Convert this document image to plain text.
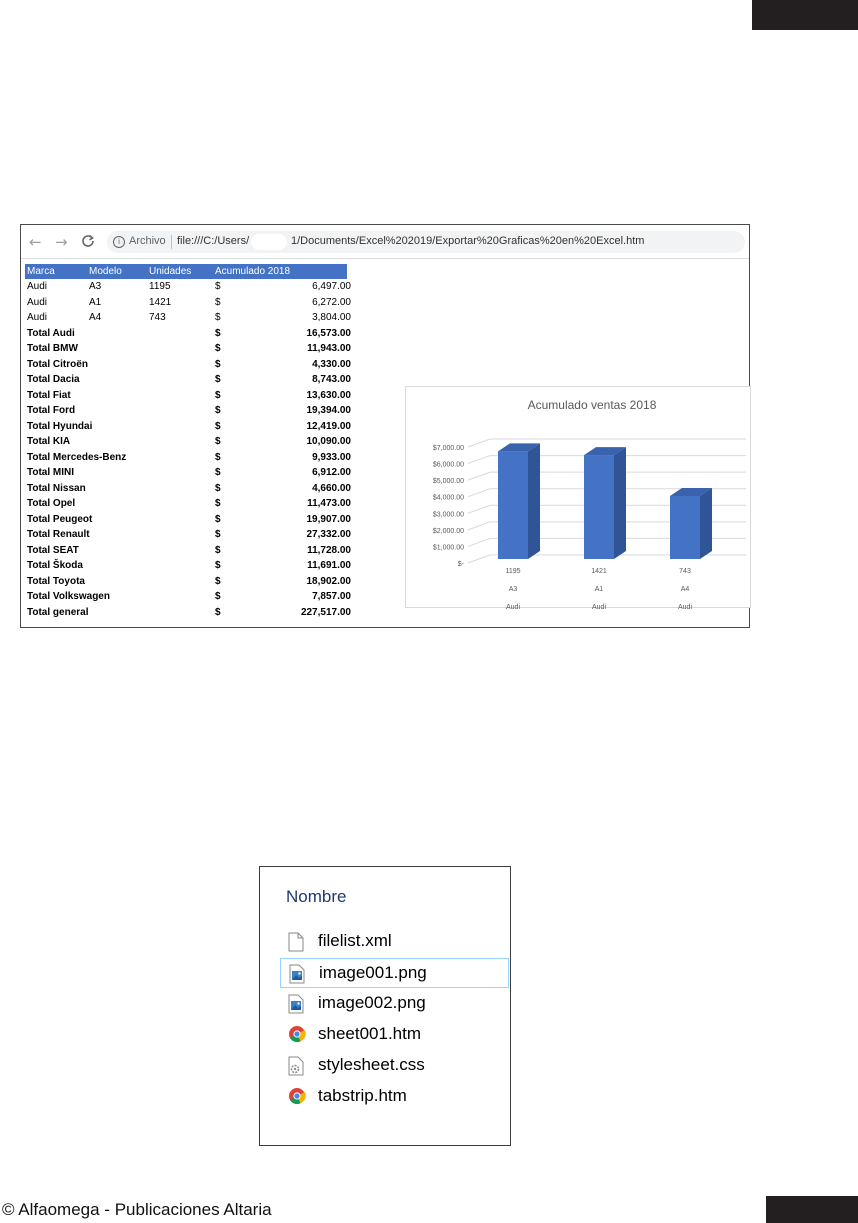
← →	i Archivo file:///C:/Users/	1/Documents/Excel%202019/Exportar%20Graficas%20en%20Excel.htm
Marca	Modelo	Unidades Acumulado 2018
Audi	A3	1195	$	6,497.00
Audi	A1	1421	$	6,272.00
Audi	A4	743	$	3,804.00
Total Audi	$	16,573.00
Total BMW	$	11,943.00
Total Citroën	$	4,330.00
Total Dacia	$	8,743.00
Total Fiat	$	13,630.00
Total Ford	$	19,394.00
Total Hyundai	$	12,419.00
Total KIA	$	10,090.00
Total Mercedes-Benz	$	9,933.00
Total MINI	$	6,912.00
Total Nissan	$	4,660.00
Total Opel	$	11,473.00
Total Peugeot	$	19,907.00
Total Renault	$	27,332.00
Total SEAT	$	11,728.00
Total Škoda	$	11,691.00
Total Toyota	$	18,902.00
Total Volkswagen	$	7,857.00
Total general	$	227,517.00
Acumulado ventas 2018
$-
$1,000.00
$2,000.00
$3,000.00
$4,000.00
$5,000.00
$6,000.00
$7,000.00
1195
A3
Audi
1421
A1
Audi
743
A4
Audi
Nombre
filelist.xml
image001.png
image002.png
sheet001.htm
stylesheet.css
tabstrip.htm
© Alfaomega - Publicaciones Altaria
